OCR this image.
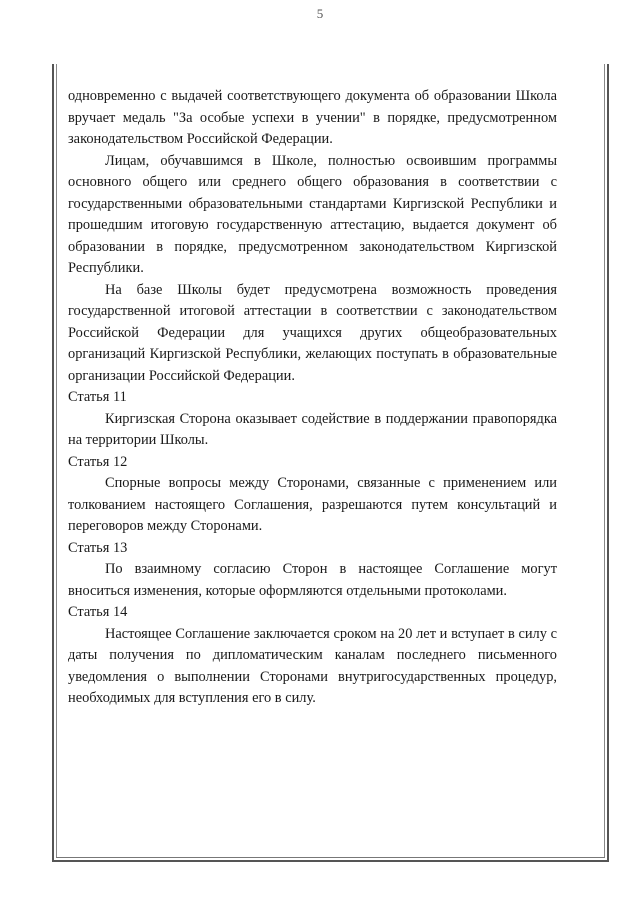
5

одновременно с выдачей соответствующего документа об образовании Школа вручает медаль "За особые успехи в учении" в порядке, предусмотренном законодательством Российской Федерации.

Лицам, обучавшимся в Школе, полностью освоившим программы основного общего или среднего общего образования в соответствии с государственными образовательными стандартами Киргизской Республики и прошедшим итоговую государственную аттестацию, выдается документ об образовании в порядке, предусмотренном законодательством Киргизской Республики.

На базе Школы будет предусмотрена возможность проведения государственной итоговой аттестации в соответствии с законодательством Российской Федерации для учащихся других общеобразовательных организаций Киргизской Республики, желающих поступать в образовательные организации Российской Федерации.

Статья 11

Киргизская Сторона оказывает содействие в поддержании правопорядка на территории Школы.

Статья 12

Спорные вопросы между Сторонами, связанные с применением или толкованием настоящего Соглашения, разрешаются путем консультаций и переговоров между Сторонами.

Статья 13

По взаимному согласию Сторон в настоящее Соглашение могут вноситься изменения, которые оформляются отдельными протоколами.

Статья 14

Настоящее Соглашение заключается сроком на 20 лет и вступает в силу с даты получения по дипломатическим каналам последнего письменного уведомления о выполнении Сторонами внутригосударственных процедур, необходимых для вступления его в силу.
